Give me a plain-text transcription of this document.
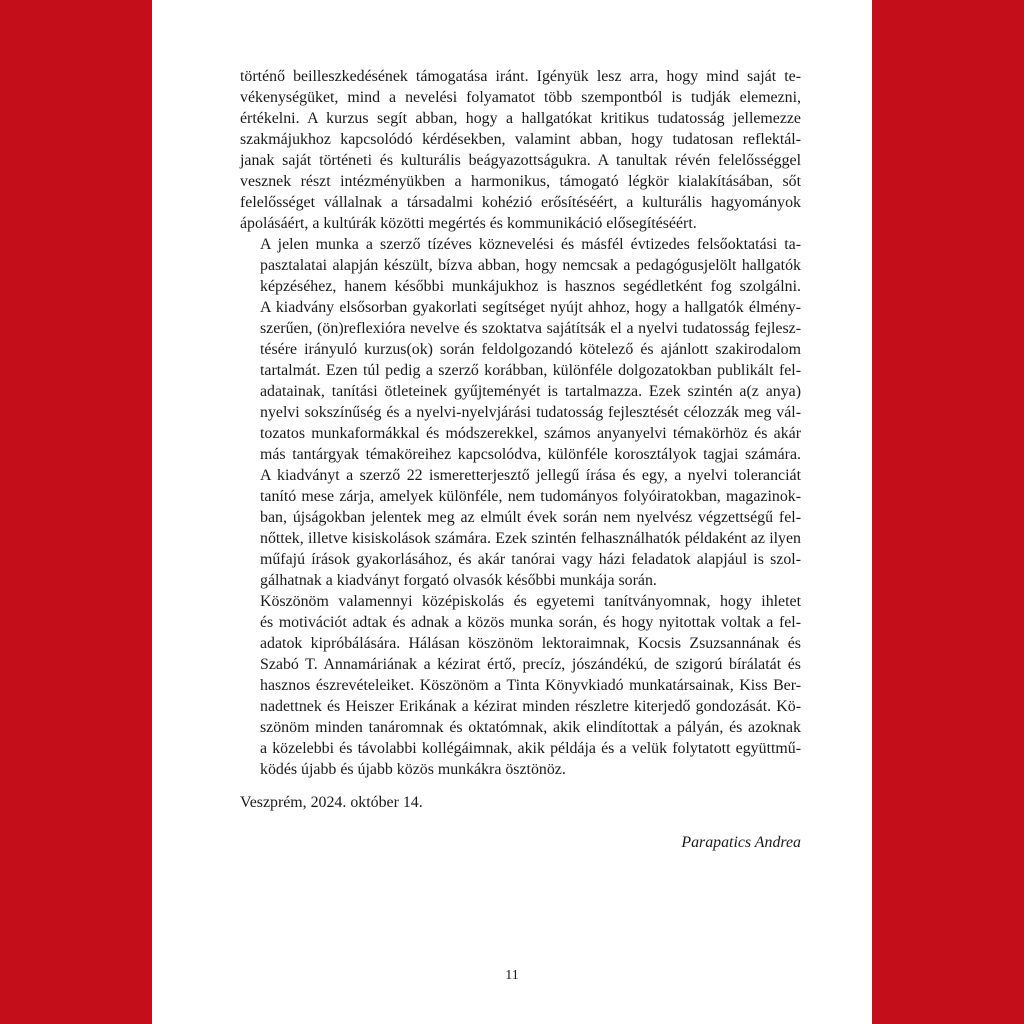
történő beilleszkedésének támogatása iránt. Igényük lesz arra, hogy mind saját te-
vékenységüket, mind a nevelési folyamatot több szempontból is tudják elemezni,
értékelni. A kurzus segít abban, hogy a hallgatókat kritikus tudatosság jellemezze
szakmájukhoz kapcsolódó kérdésekben, valamint abban, hogy tudatosan reflektál-
janak saját történeti és kulturális beágyazottságukra. A tanultak révén felelősséggel
vesznek részt intézményükben a harmonikus, támogató légkör kialakításában, sőt
felelősséget vállalnak a társadalmi kohézió erősítéséért, a kulturális hagyományok
ápolásáért, a kultúrák közötti megértés és kommunikáció elősegítéséért.

A jelen munka a szerző tízéves köznevelési és másfél évtizedes felsőoktatási ta-
pasztalatai alapján készült, bízva abban, hogy nemcsak a pedagógusjelölt hallgatók
képzéséhez, hanem későbbi munkájukhoz is hasznos segédletként fog szolgálni.
A kiadvány elsősorban gyakorlati segítséget nyújt ahhoz, hogy a hallgatók élmény-
szerűen, (ön)reflexióra nevelve és szoktatva sajátítsák el a nyelvi tudatosság fejlesz-
tésére irányuló kurzus(ok) során feldolgozandó kötelező és ajánlott szakirodalom
tartalmát. Ezen túl pedig a szerző korábban, különféle dolgozatokban publikált fel-
adatainak, tanítási ötleteinek gyűjteményét is tartalmazza. Ezek szintén a(z anya)
nyelvi sokszínűség és a nyelvi-nyelvjárási tudatosság fejlesztését célozzák meg vál-
tozatos munkaformákkal és módszerekkel, számos anyanyelvi témakörhöz és akár
más tantárgyak témaköreihez kapcsolódva, különféle korosztályok tagjai számára.
A kiadványt a szerző 22 ismeretterjesztő jellegű írása és egy, a nyelvi toleranciát
tanító mese zárja, amelyek különféle, nem tudományos folyóiratokban, magazinok-
ban, újságokban jelentek meg az elmúlt évek során nem nyelvész végzettségű fel-
nőttek, illetve kisiskolások számára. Ezek szintén felhasználhatók példaként az ilyen
műfajú írások gyakorlásához, és akár tanórai vagy házi feladatok alapjául is szol-
gálhatnak a kiadványt forgató olvasók későbbi munkája során.

Köszönöm valamennyi középiskolás és egyetemi tanítványomnak, hogy ihletet
és motivációt adtak és adnak a közös munka során, és hogy nyitottak voltak a fel-
adatok kipróbálására. Hálásan köszönöm lektoraimnak, Kocsis Zsuzsannának és
Szabó T. Annamáriának a kézirat értő, precíz, jószándékú, de szigorú bírálatát és
hasznos észrevételeiket. Köszönöm a Tinta Könyvkiadó munkatársainak, Kiss Ber-
nadettnek és Heiszer Erikának a kézirat minden részletre kiterjedő gondozását. Kö-
szönöm minden tanáromnak és oktatómnak, akik elindítottak a pályán, és azoknak
a közelebbi és távolabbi kollégáimnak, akik példája és a velük folytatott együttmű-
ködés újabb és újabb közös munkákra ösztönöz.

Veszprém, 2024. október 14.
Parapatics Andrea
11
